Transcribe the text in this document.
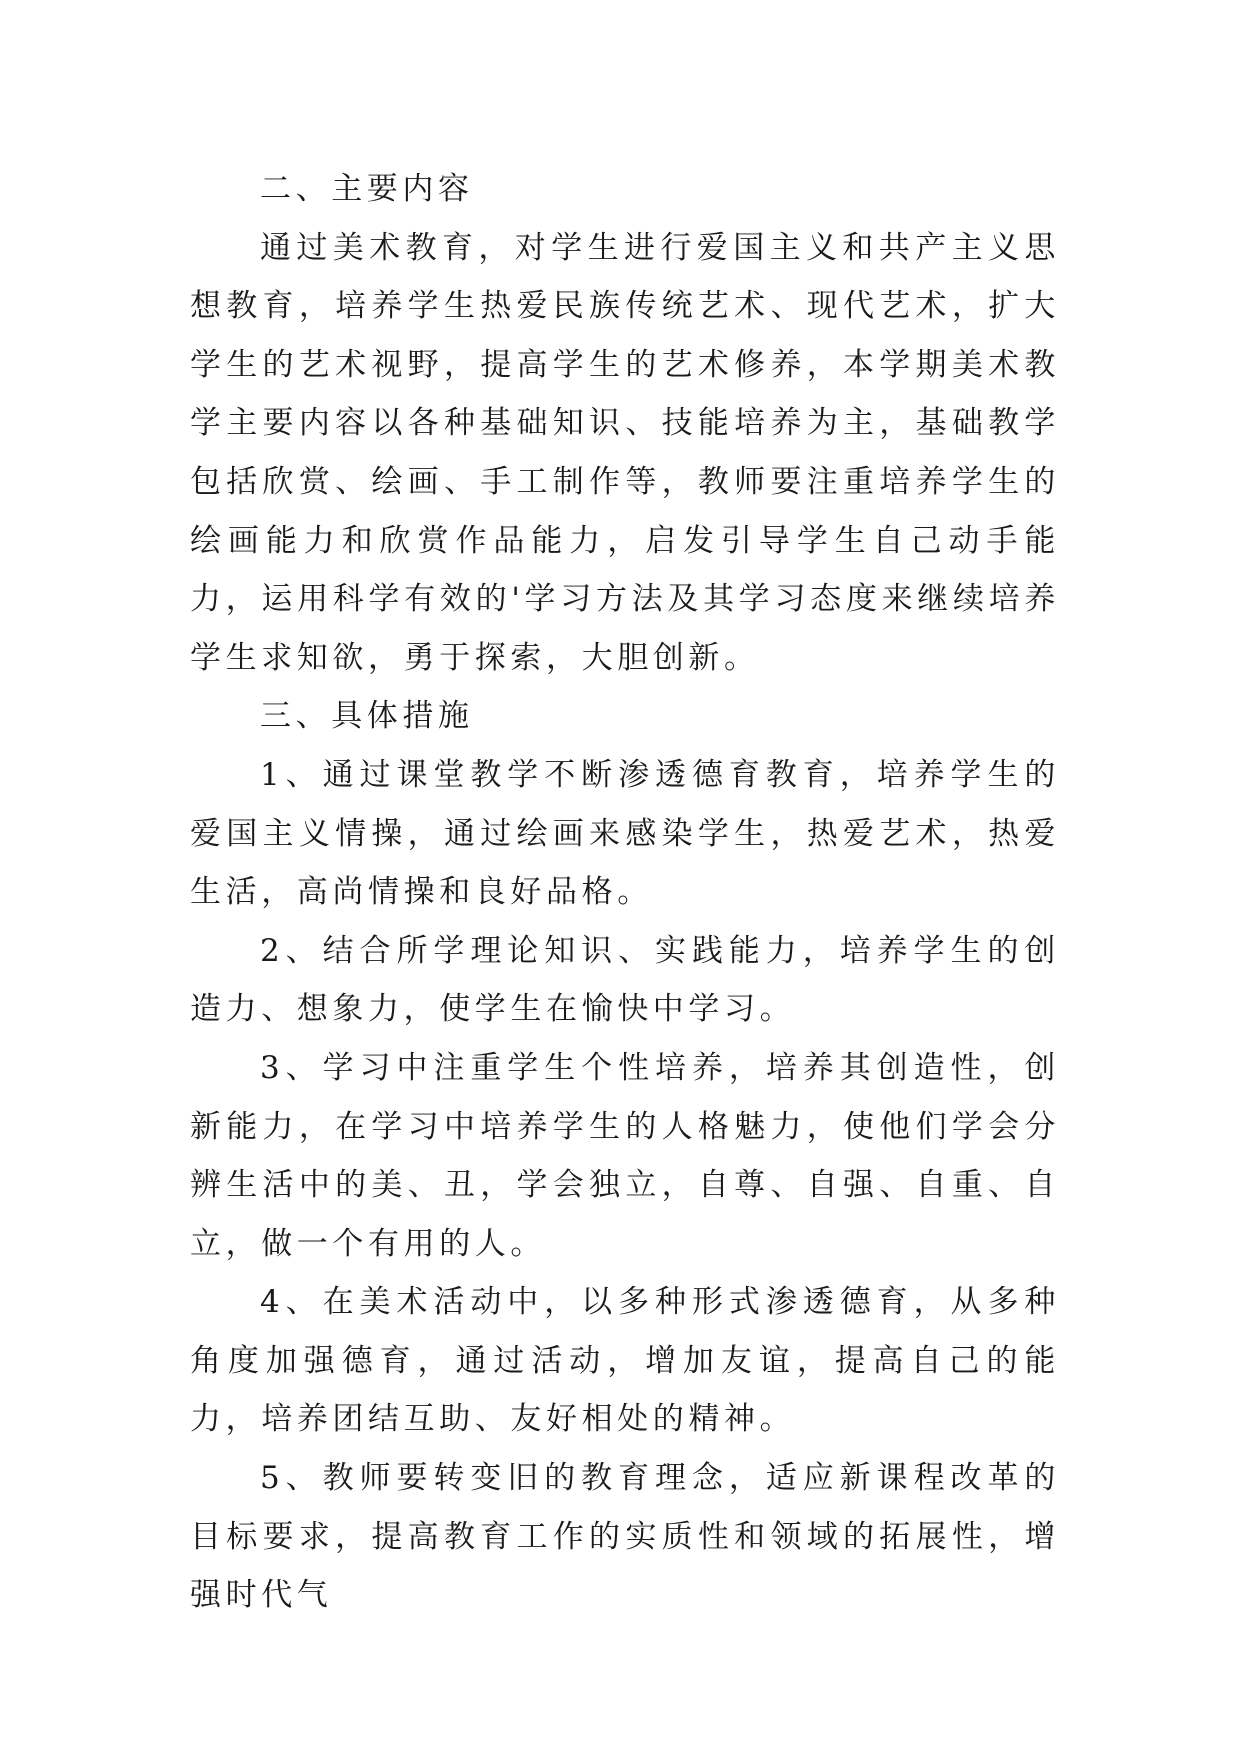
二、主要内容

通过美术教育，对学生进行爱国主义和共产主义思想教育，培养学生热爱民族传统艺术、现代艺术，扩大学生的艺术视野，提高学生的艺术修养，本学期美术教学主要内容以各种基础知识、技能培养为主，基础教学包括欣赏、绘画、手工制作等，教师要注重培养学生的绘画能力和欣赏作品能力，启发引导学生自己动手能力，运用科学有效的'学习方法及其学习态度来继续培养学生求知欲，勇于探索，大胆创新。

三、具体措施

1、通过课堂教学不断渗透德育教育，培养学生的爱国主义情操，通过绘画来感染学生，热爱艺术，热爱生活，高尚情操和良好品格。

2、结合所学理论知识、实践能力，培养学生的创造力、想象力，使学生在愉快中学习。

3、学习中注重学生个性培养，培养其创造性，创新能力，在学习中培养学生的人格魅力，使他们学会分辨生活中的美、丑，学会独立，自尊、自强、自重、自立，做一个有用的人。

4、在美术活动中，以多种形式渗透德育，从多种角度加强德育，通过活动，增加友谊，提高自己的能力，培养团结互助、友好相处的精神。

5、教师要转变旧的教育理念，适应新课程改革的目标要求，提高教育工作的实质性和领域的拓展性，增强时代气
